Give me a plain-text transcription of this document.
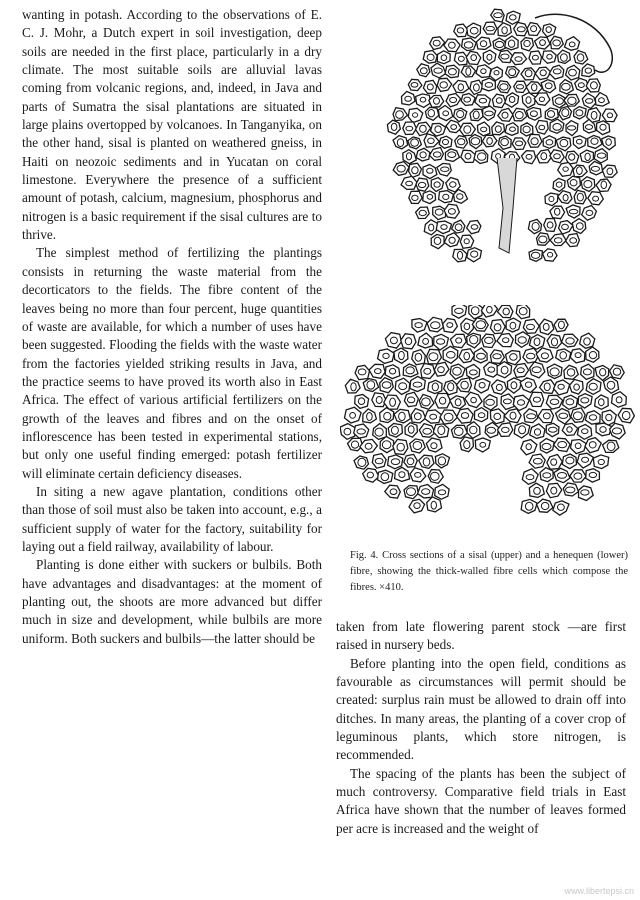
wanting in potash. According to the observations of E. C. J. Mohr, a Dutch expert in soil investigation, deep soils are needed in the first place, particularly in a dry climate. The most suitable soils are alluvial lavas coming from volcanic regions, and, indeed, in Java and parts of Sumatra the sisal plantations are situated in large plains overtopped by volcanoes. In Tanganyika, on the other hand, sisal is planted on weathered gneiss, in Haiti on neozoic sediments and in Yucatan on coral limestone. Everywhere the presence of a sufficient amount of potash, calcium, magnesium, phosphorus and nitrogen is a basic requirement if the sisal cultures are to thrive.

The simplest method of fertilizing the plantings consists in returning the waste material from the decorticators to the fields. The fibre content of the leaves being no more than four percent, huge quantities of waste are available, for which a number of uses have been suggested. Flooding the fields with the waste water from the factories yielded striking results in Java, and the practice seems to have proved its worth also in East Africa. The effect of various artificial fertilizers on the growth of the leaves and fibres and on the onset of inflorescence has been tested in experimental stations, but only one useful finding emerged: potash fertilizer will eliminate certain deficiency diseases.

In siting a new agave plantation, conditions other than those of soil must also be taken into account, e.g., a sufficient supply of water for the factory, suitability for laying out a field railway, availability of labour.

Planting is done either with suckers or bulbils. Both have advantages and disadvantages: at the moment of planting out, the shoots are more advanced but differ much in size and development, while bulbils are more uniform. Both suckers and bulbils—the latter should be

Fig. 4. Cross sections of a sisal (upper) and a henequen (lower) fibre, showing the thick-walled fibre cells which compose the fibres. ×410.

taken from late flowering parent stock —are first raised in nursery beds.

Before planting into the open field, conditions as favourable as circumstances will permit should be created: surplus rain must be allowed to drain off into ditches. In many areas, the planting of a cover crop of leguminous plants, which store nitrogen, is recommended.

The spacing of the plants has been the subject of much controversy. Comparative field trials in East Africa have shown that the number of leaves formed per acre is increased and the weight of

www.libertepsi.cn
